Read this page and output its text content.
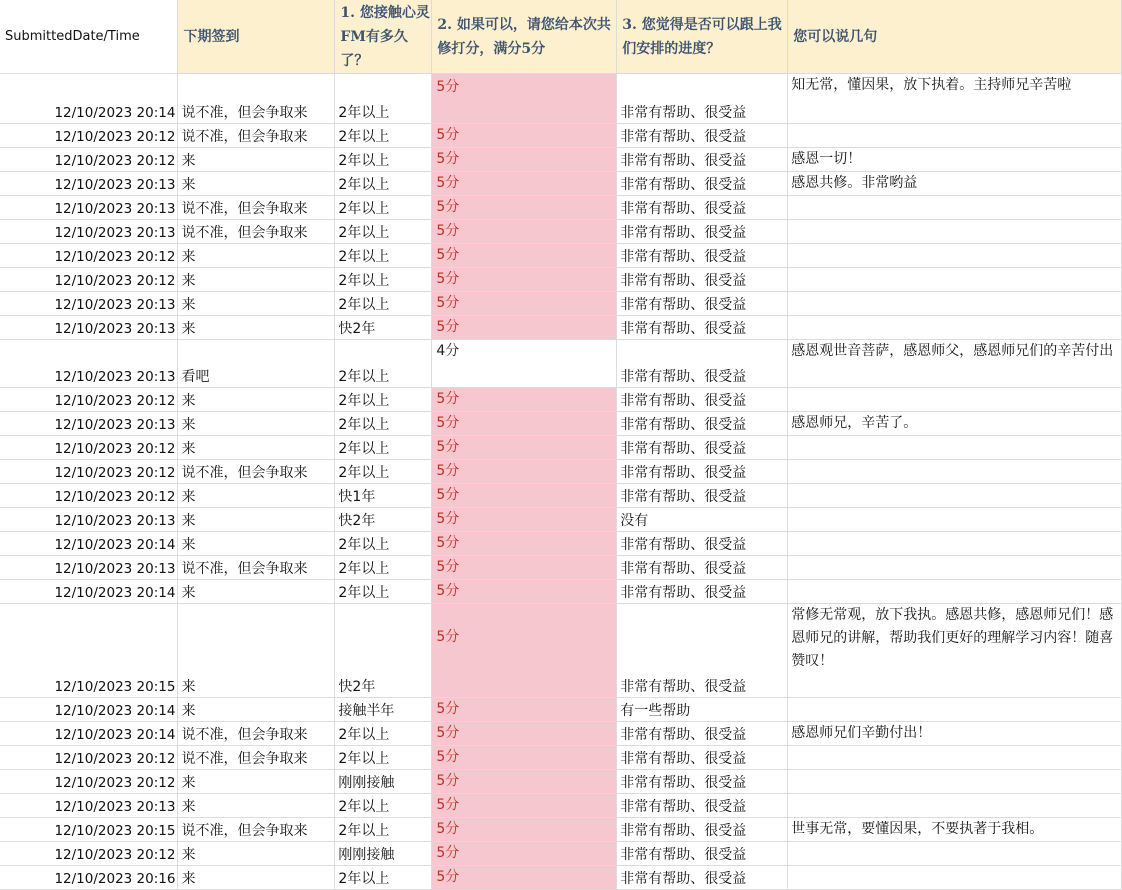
SubmittedDate/Time	下期签到	1. 您接触心灵FM有多久了？	2. 如果可以，请您给本次共修打分，满分5分	3. 您觉得是否可以跟上我们安排的进度？	您可以说几句
12/10/2023 20:14	说不准，但会争取来	2年以上	5分	非常有帮助、很受益	知无常，懂因果，放下执着。主持师兄辛苦啦
12/10/2023 20:12	说不准，但会争取来	2年以上	5分	非常有帮助、很受益	
12/10/2023 20:12	来	2年以上	5分	非常有帮助、很受益	感恩一切！
12/10/2023 20:13	来	2年以上	5分	非常有帮助、很受益	感恩共修。非常哟益
12/10/2023 20:13	说不准，但会争取来	2年以上	5分	非常有帮助、很受益	
12/10/2023 20:13	说不准，但会争取来	2年以上	5分	非常有帮助、很受益	
12/10/2023 20:12	来	2年以上	5分	非常有帮助、很受益	
12/10/2023 20:12	来	2年以上	5分	非常有帮助、很受益	
12/10/2023 20:13	来	2年以上	5分	非常有帮助、很受益	
12/10/2023 20:13	来	快2年	5分	非常有帮助、很受益	
12/10/2023 20:13	看吧	2年以上	4分	非常有帮助、很受益	感恩观世音菩萨，感恩师父，感恩师兄们的辛苦付出
12/10/2023 20:12	来	2年以上	5分	非常有帮助、很受益	
12/10/2023 20:13	来	2年以上	5分	非常有帮助、很受益	感恩师兄，辛苦了。
12/10/2023 20:12	来	2年以上	5分	非常有帮助、很受益	
12/10/2023 20:12	说不准，但会争取来	2年以上	5分	非常有帮助、很受益	
12/10/2023 20:12	来	快1年	5分	非常有帮助、很受益	
12/10/2023 20:13	来	快2年	5分	没有	
12/10/2023 20:14	来	2年以上	5分	非常有帮助、很受益	
12/10/2023 20:13	说不准，但会争取来	2年以上	5分	非常有帮助、很受益	
12/10/2023 20:14	来	2年以上	5分	非常有帮助、很受益	
12/10/2023 20:15	来	快2年	5分	非常有帮助、很受益	常修无常观，放下我执。感恩共修，感恩师兄们！感恩师兄的讲解，帮助我们更好的理解学习内容！随喜赞叹！
12/10/2023 20:14	来	接触半年	5分	有一些帮助	
12/10/2023 20:14	说不准，但会争取来	2年以上	5分	非常有帮助、很受益	感恩师兄们辛勤付出！
12/10/2023 20:12	说不准，但会争取来	2年以上	5分	非常有帮助、很受益	
12/10/2023 20:12	来	刚刚接触	5分	非常有帮助、很受益	
12/10/2023 20:13	来	2年以上	5分	非常有帮助、很受益	
12/10/2023 20:15	说不准，但会争取来	2年以上	5分	非常有帮助、很受益	世事无常，要懂因果，不要执著于我相。
12/10/2023 20:12	来	刚刚接触	5分	非常有帮助、很受益	
12/10/2023 20:16	来	2年以上	5分	非常有帮助、很受益	
